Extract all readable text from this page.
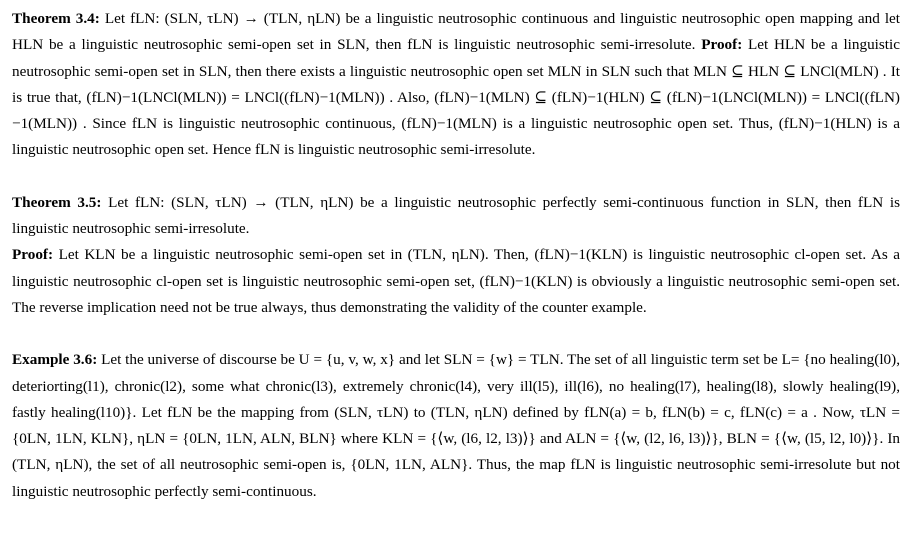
Theorem 3.4: Let fLN: (SLN, τLN) → (TLN, ηLN) be a linguistic neutrosophic continuous and linguistic neutrosophic open mapping and let HLN be a linguistic neutrosophic semi-open set in SLN, then fLN is linguistic neutrosophic semi-irresolute. Proof: Let HLN be a linguistic neutrosophic semi-open set in SLN, then there exists a linguistic neutrosophic open set MLN in SLN such that MLN ⊆ HLN ⊆ LNCl(MLN) . It is true that, (fLN)−1(LNCl(MLN)) = LNCl((fLN)−1(MLN)) . Also, (fLN)−1(MLN) ⊆ (fLN)−1(HLN) ⊆ (fLN)−1(LNCl(MLN)) = LNCl((fLN)−1(MLN)) . Since fLN is linguistic neutrosophic continuous, (fLN)−1(MLN) is a linguistic neutrosophic open set. Thus, (fLN)−1(HLN) is a linguistic neutrosophic open set. Hence fLN is linguistic neutrosophic semi-irresolute.

Theorem 3.5: Let fLN: (SLN, τLN) → (TLN, ηLN) be a linguistic neutrosophic perfectly semi-continuous function in SLN, then fLN is linguistic neutrosophic semi-irresolute.

Proof: Let KLN be a linguistic neutrosophic semi-open set in (TLN, ηLN). Then, (fLN)−1(KLN) is linguistic neutrosophic cl-open set. As a linguistic neutrosophic cl-open set is linguistic neutrosophic semi-open set, (fLN)−1(KLN) is obviously a linguistic neutrosophic semi-open set. The reverse implication need not be true always, thus demonstrating the validity of the counter example.

Example 3.6: Let the universe of discourse be U = {u, v, w, x} and let SLN = {w} = TLN. The set of all linguistic term set be L= {no healing(l0), deteriorting(l1), chronic(l2), some what chronic(l3), extremely chronic(l4), very ill(l5), ill(l6), no healing(l7), healing(l8), slowly healing(l9), fastly healing(l10)}. Let fLN be the mapping from (SLN, τLN) to (TLN, ηLN) defined by fLN(a) = b, fLN(b) = c, fLN(c) = a . Now, τLN = {0LN, 1LN, KLN}, ηLN = {0LN, 1LN, ALN, BLN} where KLN = {⟨w, (l6, l2, l3)⟩} and ALN = {⟨w, (l2, l6, l3)⟩}, BLN = {⟨w, (l5, l2, l0)⟩}. In (TLN, ηLN), the set of all neutrosophic semi-open is, {0LN, 1LN, ALN}. Thus, the map fLN is linguistic neutrosophic semi-irresolute but not linguistic neutrosophic perfectly semi-continuous.
